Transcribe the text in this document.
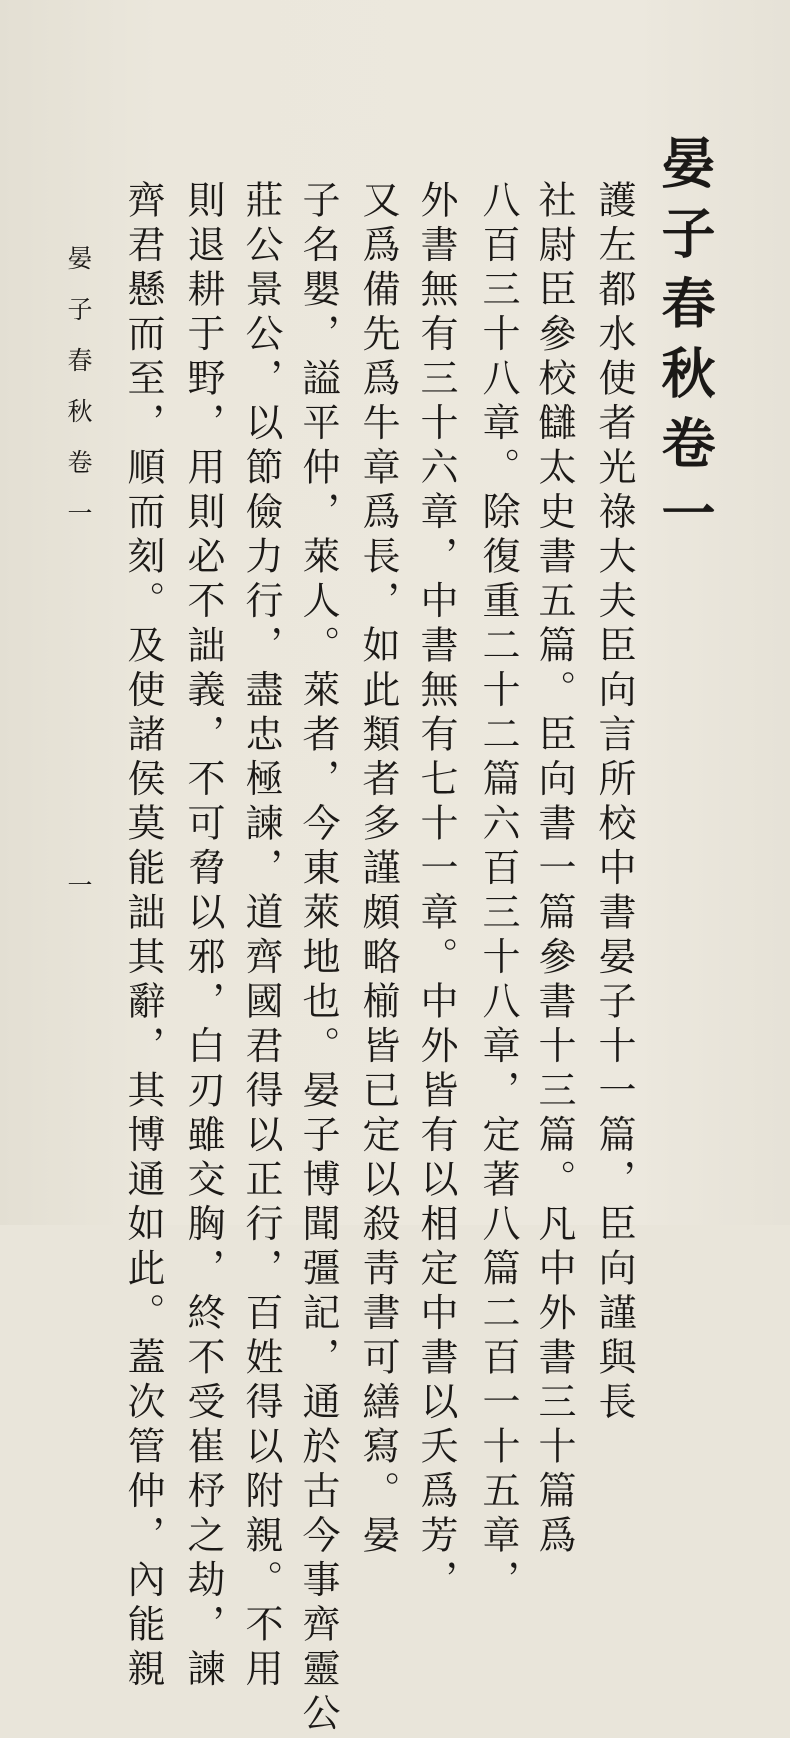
晏子春秋卷一
護左都水使者光祿大夫臣向言所校中書晏子十一篇，臣向謹與長
社尉臣參校讎太史書五篇。臣向書一篇參書十三篇。凡中外書三十篇爲
八百三十八章。除復重二十二篇六百三十八章，定著八篇二百一十五章，
外書無有三十六章，中書無有七十一章。中外皆有以相定中書以夭爲芳，
又爲備先爲牛章爲長，如此類者多謹頗略椾皆已定以殺靑書可繕寫。晏
子名嬰，謚平仲，萊人。萊者，今東萊地也。晏子博聞彊記，通於古今事齊靈公
莊公景公，以節儉力行，盡忠極諫，道齊國君得以正行，百姓得以附親。不用
則退耕于野，用則必不詘義，不可脅以邪，白刃雖交胸，終不受崔杼之劫，諫
齊君懸而至，順而刻。及使諸侯莫能詘其辭，其博通如此。蓋次管仲，內能親
晏子春秋卷一
一
